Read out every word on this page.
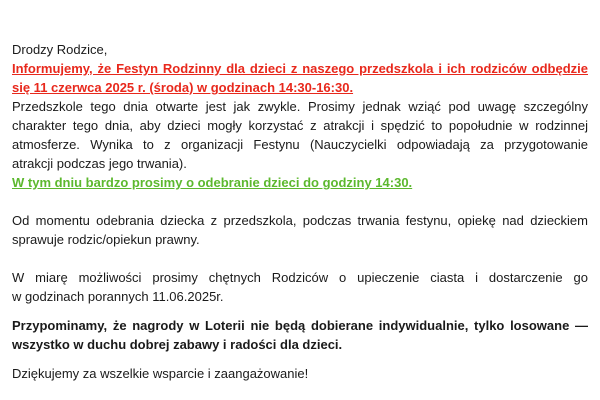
Drodzy Rodzice,

Informujemy, że Festyn Rodzinny dla dzieci z naszego przedszkola i ich rodziców odbędzie
się 11 czerwca 2025 r. (środa) w godzinach 14:30-16:30.

Przedszkole tego dnia otwarte jest jak zwykle. Prosimy jednak wziąć pod uwagę szczególny
charakter tego dnia, aby dzieci mogły korzystać z atrakcji i spędzić to popołudnie w rodzinnej
atmosferze. Wynika to z organizacji Festynu (Nauczycielki odpowiadają za przygotowanie
atrakcji podczas jego trwania).

W tym dniu bardzo prosimy o odebranie dzieci do godziny 14:30.

Od momentu odebrania dziecka z przedszkola, podczas trwania festynu, opiekę nad dzieckiem
sprawuje rodzic/opiekun prawny.

W miarę możliwości prosimy chętnych Rodziców o upieczenie ciasta i dostarczenie go
w godzinach porannych 11.06.2025r.

Przypominamy, że nagrody w Loterii nie będą dobierane indywidualnie, tylko losowane —
wszystko w duchu dobrej zabawy i radości dla dzieci.

Dziękujemy za wszelkie wsparcie i zaangażowanie!
